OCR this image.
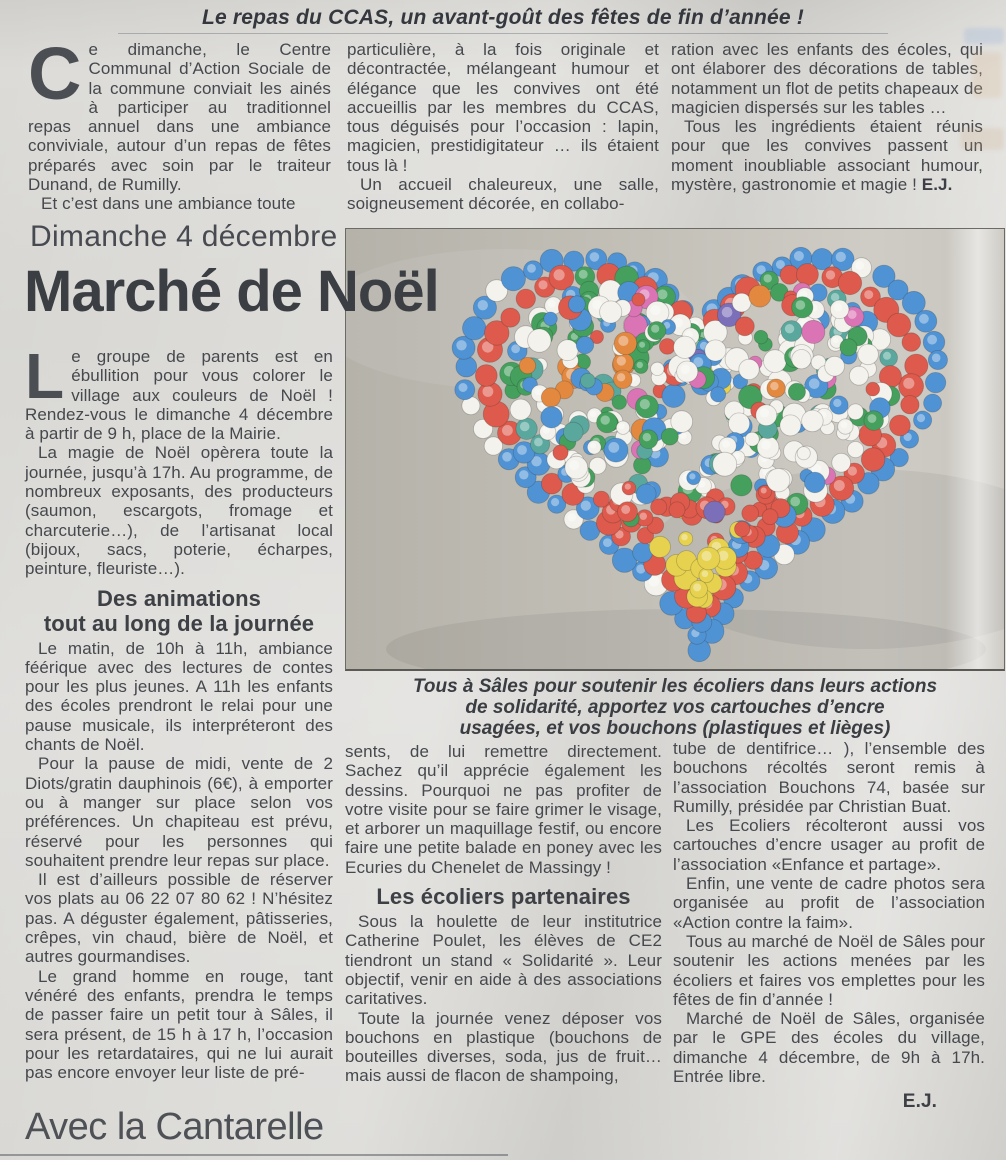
Le repas du CCAS, un avant-goût des fêtes de fin d’année !

Ce dimanche, le Centre Communal d’Action Sociale de la commune conviait les ainés à participer au traditionnel repas annuel dans une ambiance conviviale, autour d’un repas de fêtes préparés avec soin par le traiteur Dunand, de Rumilly.

Et c’est dans une ambiance toute

particulière, à la fois originale et décontractée, mélangeant humour et élégance que les convives ont été accueillis par les membres du CCAS, tous déguisés pour l’occasion : lapin, magicien, prestidigitateur … ils étaient tous là !

Un accueil chaleureux, une salle, soigneusement décorée, en collabo-

ration avec les enfants des écoles, qui ont élaborer des décorations de tables, notamment un flot de petits chapeaux de magicien dispersés sur les tables …

Tous les ingrédients étaient réunis pour que les convives passent un moment inoubliable associant humour, mystère, gastronomie et magie ! E.J.

Dimanche 4 décembre
Marché de Noël
Tous à Sâles pour soutenir les écoliers dans leurs actions
de solidarité, apportez vos cartouches d’encre
usagées, et vos bouchons (plastiques et lièges)

Le groupe de parents est en ébullition pour vous colorer le village aux couleurs de Noël ! Rendez-vous le dimanche 4 décembre à partir de 9 h, place de la Mairie.

La magie de Noël opèrera toute la journée, jusqu’à 17h. Au programme, de nombreux exposants, des producteurs (saumon, escargots, fromage et charcuterie…), de l’artisanat local (bijoux, sacs, poterie, écharpes, peinture, fleuriste…).

Des animations
tout au long de la journée

Le matin, de 10h à 11h, ambiance féérique avec des lectures de contes pour les plus jeunes. A 11h les enfants des écoles prendront le relai pour une pause musicale, ils interpréteront des chants de Noël.

Pour la pause de midi, vente de 2 Diots/gratin dauphinois (6€), à emporter ou à manger sur place selon vos préférences. Un chapiteau est prévu, réservé pour les personnes qui souhaitent prendre leur repas sur place.

Il est d’ailleurs possible de réserver vos plats au 06 22 07 80 62 ! N’hésitez pas. A déguster également, pâtisseries, crêpes, vin chaud, bière de Noël, et autres gourmandises.

Le grand homme en rouge, tant vénéré des enfants, prendra le temps de passer faire un petit tour à Sâles, il sera présent, de 15 h à 17 h, l’occasion pour les retardataires, qui ne lui aurait pas encore envoyer leur liste de pré-

sents, de lui remettre directement. Sachez qu’il apprécie également les dessins. Pourquoi ne pas profiter de votre visite pour se faire grimer le visage, et arborer un maquillage festif, ou encore faire une petite balade en poney avec les Ecuries du Chenelet de Massingy !

Les écoliers partenaires

Sous la houlette de leur institutrice Catherine Poulet, les élèves de CE2 tiendront un stand « Solidarité ». Leur objectif, venir en aide à des associations caritatives.

Toute la journée venez déposer vos bouchons en plastique (bouchons de bouteilles diverses, soda, jus de fruit… mais aussi de flacon de shampoing,

tube de dentifrice… ), l’ensemble des bouchons récoltés seront remis à l’association Bouchons 74, basée sur Rumilly, présidée par Christian Buat.

Les Ecoliers récolteront aussi vos cartouches d’encre usager au profit de l’association «Enfance et partage».

Enfin, une vente de cadre photos sera organisée au profit de l’association «Action contre la faim».

Tous au marché de Noël de Sâles pour soutenir les actions menées par les écoliers et faires vos emplettes pour les fêtes de fin d’année !

Marché de Noël de Sâles, organisée par le GPE des écoles du village, dimanche 4 décembre, de 9h à 17h. Entrée libre.

E.J.

Avec la Cantarelle
